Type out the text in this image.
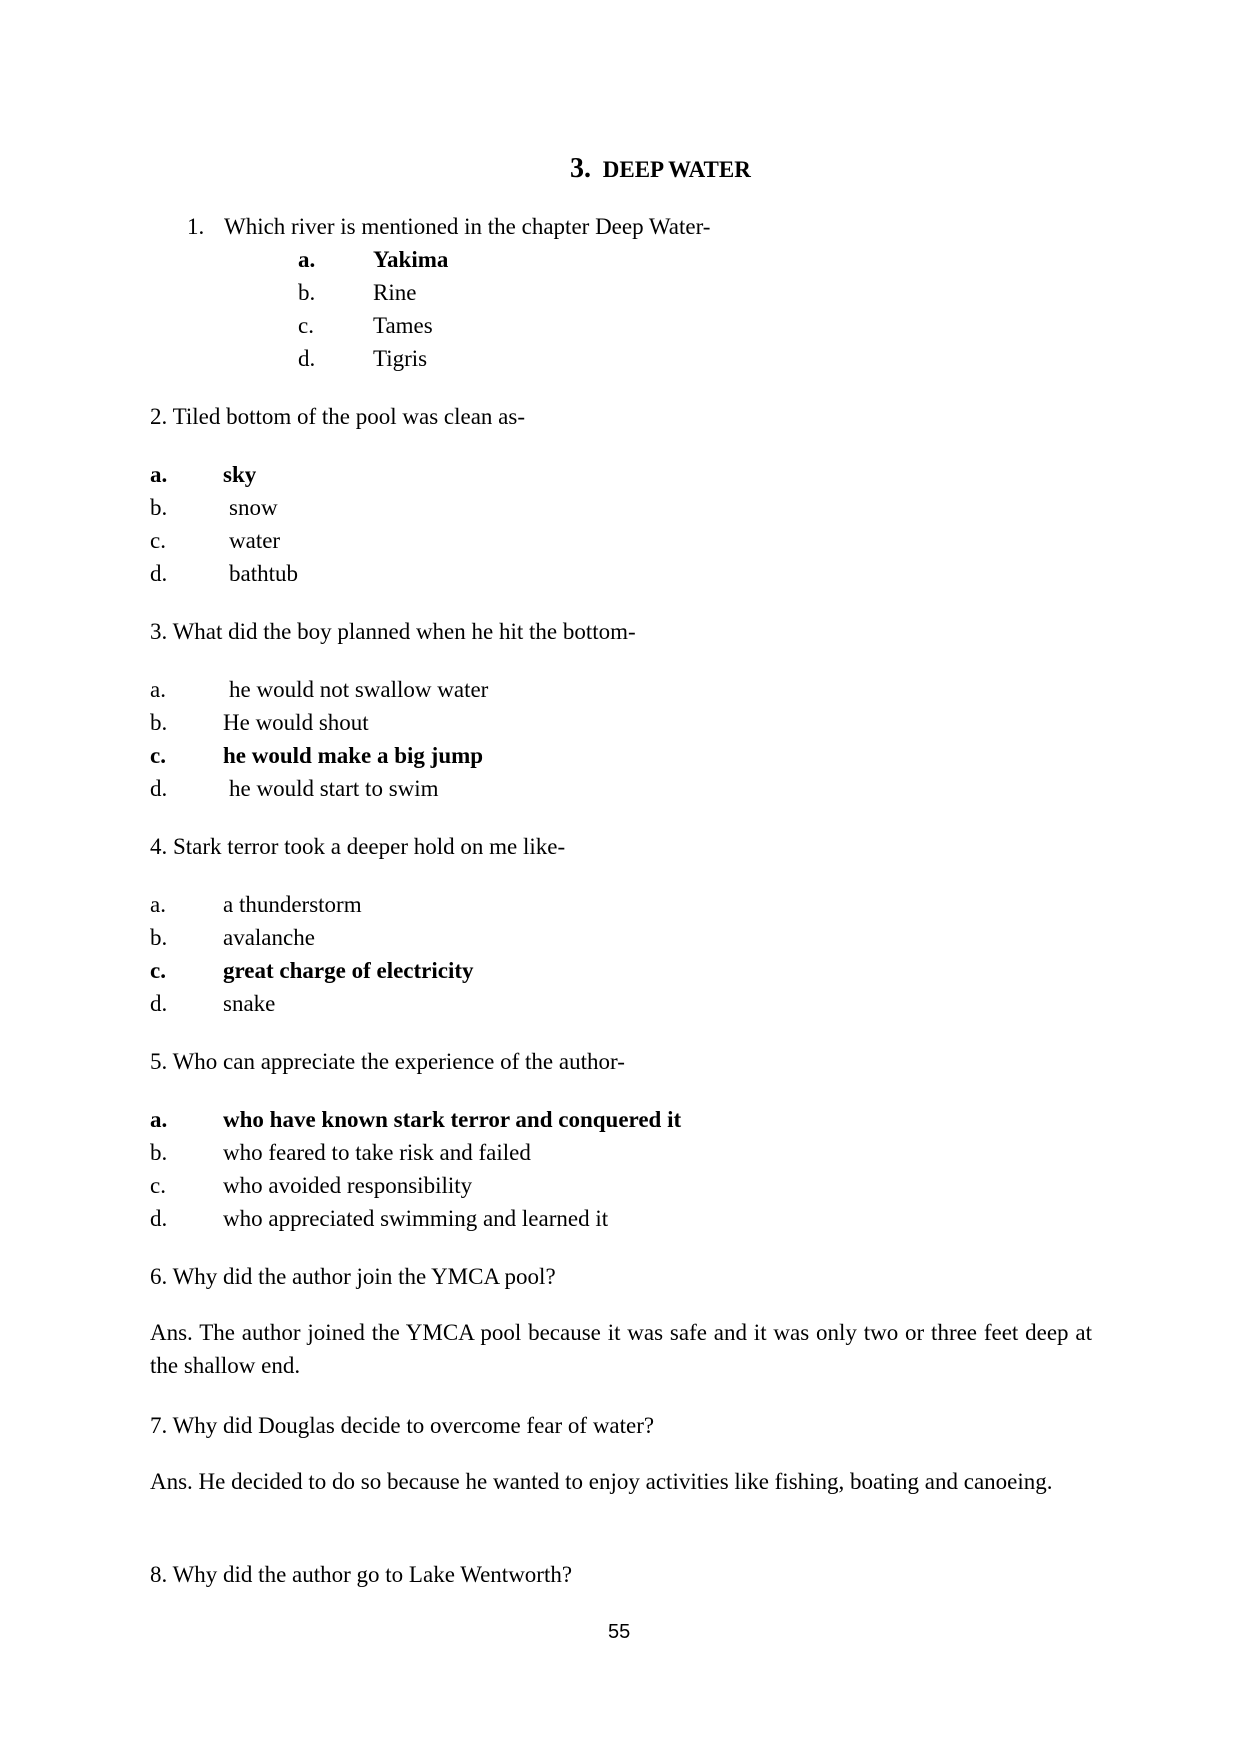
3. DEEP WATER
1. Which river is mentioned in the chapter Deep Water-
a.	Yakima
b.	Rine
c.	Tames
d.	Tigris
2. Tiled bottom of the pool was clean as-
a. sky
b.	snow
c.	water
d.	bathtub
3. What did the boy planned when he hit the bottom-
a.	he would not swallow water
b. He would shout
c. he would make a big jump
d.	he would start to swim
4. Stark terror took a deeper hold on me like-
a. a thunderstorm
b. avalanche
c. great charge of electricity
d. snake
5. Who can appreciate the experience of the author-
a. who have known stark terror and conquered it
b. who feared to take risk and failed
c. who avoided responsibility
d. who appreciated swimming and learned it
6. Why did the author join the YMCA pool?
Ans. The author joined the YMCA pool because it was safe and it was only two or three feet deep at the shallow end.
7. Why did Douglas decide to overcome fear of water?
Ans. He decided to do so because he wanted to enjoy activities like fishing, boating and canoeing.
8. Why did the author go to Lake Wentworth?
55
